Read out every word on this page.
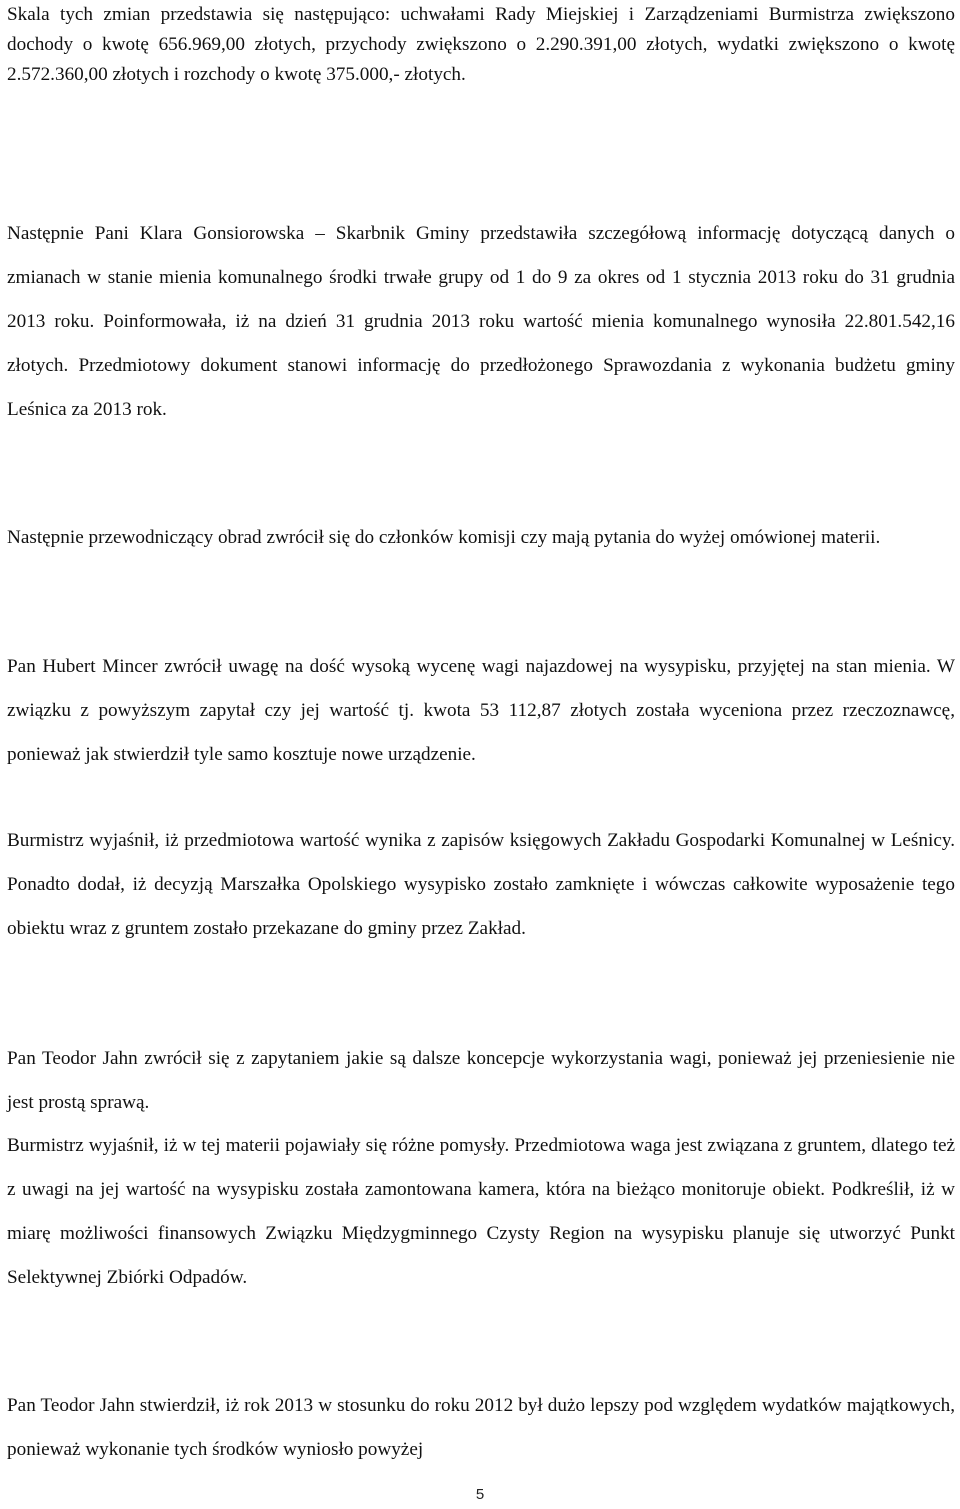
Skala tych zmian przedstawia się następująco: uchwałami Rady Miejskiej i Zarządzeniami Burmistrza zwiększono dochody o kwotę 656.969,00 złotych, przychody zwiększono o 2.290.391,00 złotych, wydatki zwiększono o kwotę 2.572.360,00 złotych i rozchody o kwotę 375.000,- złotych.

Następnie Pani Klara Gonsiorowska – Skarbnik Gminy przedstawiła szczegółową informację dotyczącą danych o zmianach w stanie mienia komunalnego środki trwałe grupy od 1 do 9 za okres od 1 stycznia 2013 roku do 31 grudnia 2013 roku. Poinformowała, iż na dzień 31 grudnia 2013 roku wartość mienia komunalnego wynosiła 22.801.542,16 złotych. Przedmiotowy dokument stanowi informację do przedłożonego Sprawozdania z wykonania budżetu gminy Leśnica za 2013 rok.

Następnie przewodniczący obrad zwrócił się do członków komisji czy mają pytania do wyżej omówionej materii.

Pan Hubert Mincer zwrócił uwagę na dość wysoką wycenę wagi najazdowej na wysypisku, przyjętej na stan mienia. W związku z powyższym zapytał czy jej wartość tj. kwota 53 112,87 złotych została wyceniona przez rzeczoznawcę, ponieważ jak stwierdził tyle samo kosztuje nowe urządzenie.

Burmistrz wyjaśnił, iż przedmiotowa wartość wynika z zapisów księgowych Zakładu Gospodarki Komunalnej w Leśnicy. Ponadto dodał, iż decyzją Marszałka Opolskiego wysypisko zostało zamknięte i wówczas całkowite wyposażenie tego obiektu wraz z gruntem zostało przekazane do gminy przez Zakład.

Pan Teodor Jahn zwrócił się z zapytaniem jakie są dalsze koncepcje wykorzystania wagi, ponieważ jej przeniesienie nie jest prostą sprawą.

Burmistrz wyjaśnił, iż w tej materii pojawiały się różne pomysły. Przedmiotowa waga jest związana z gruntem, dlatego też z uwagi na jej wartość na wysypisku została zamontowana kamera, która na bieżąco monitoruje obiekt. Podkreślił, iż w miarę możliwości finansowych Związku Międzygminnego Czysty Region na wysypisku planuje się utworzyć Punkt Selektywnej Zbiórki Odpadów.

Pan Teodor Jahn stwierdził, iż rok 2013 w stosunku do roku 2012 był dużo lepszy pod względem wydatków majątkowych, ponieważ wykonanie tych środków wyniosło powyżej

5
